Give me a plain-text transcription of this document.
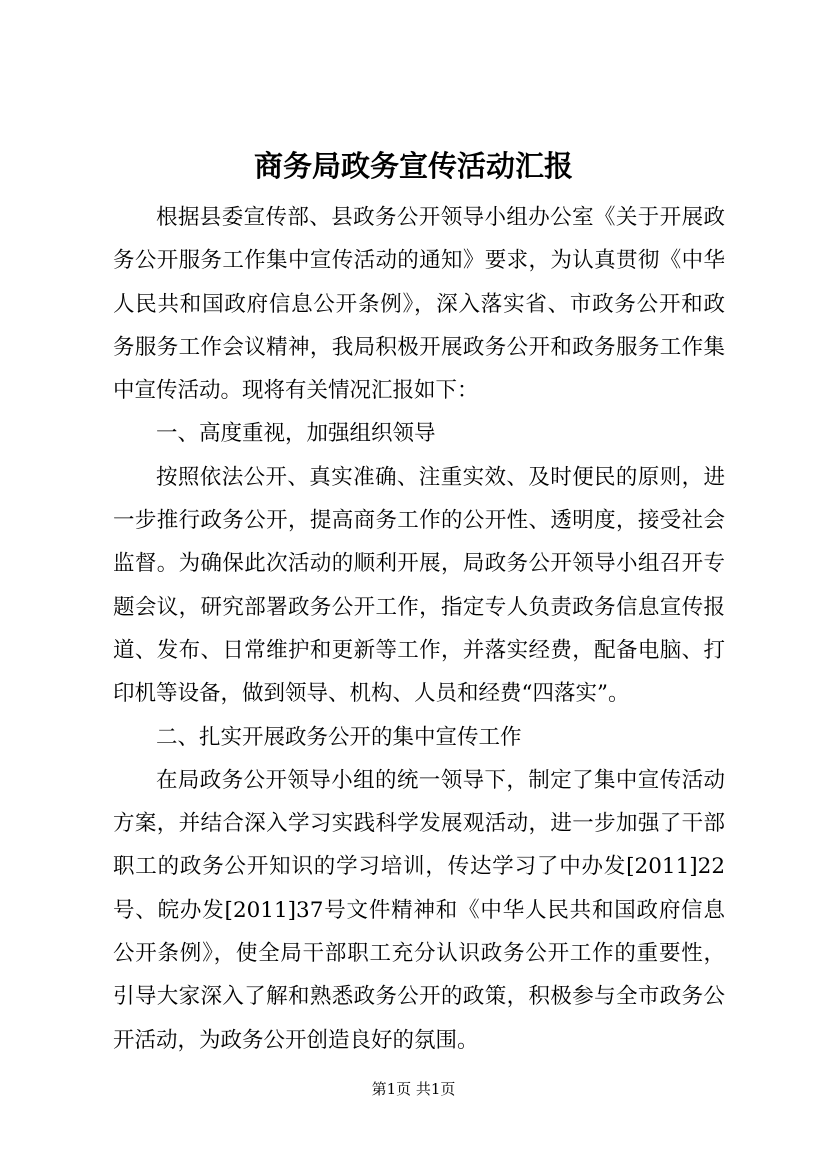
商务局政务宣传活动汇报

根据县委宣传部、县政务公开领导小组办公室《关于开展政务公开服务工作集中宣传活动的通知》要求，为认真贯彻《中华人民共和国政府信息公开条例》，深入落实省、市政务公开和政务服务工作会议精神，我局积极开展政务公开和政务服务工作集中宣传活动。现将有关情况汇报如下：

一、高度重视，加强组织领导

按照依法公开、真实准确、注重实效、及时便民的原则，进一步推行政务公开，提高商务工作的公开性、透明度，接受社会监督。为确保此次活动的顺利开展，局政务公开领导小组召开专题会议，研究部署政务公开工作，指定专人负责政务信息宣传报道、发布、日常维护和更新等工作，并落实经费，配备电脑、打印机等设备，做到领导、机构、人员和经费“四落实”。

二、扎实开展政务公开的集中宣传工作

在局政务公开领导小组的统一领导下，制定了集中宣传活动方案，并结合深入学习实践科学发展观活动，进一步加强了干部职工的政务公开知识的学习培训，传达学习了中办发[2011]22号、皖办发[2011]37号文件精神和《中华人民共和国政府信息公开条例》，使全局干部职工充分认识政务公开工作的重要性，引导大家深入了解和熟悉政务公开的政策，积极参与全市政务公开活动，为政务公开创造良好的氛围。

第1页 共1页
